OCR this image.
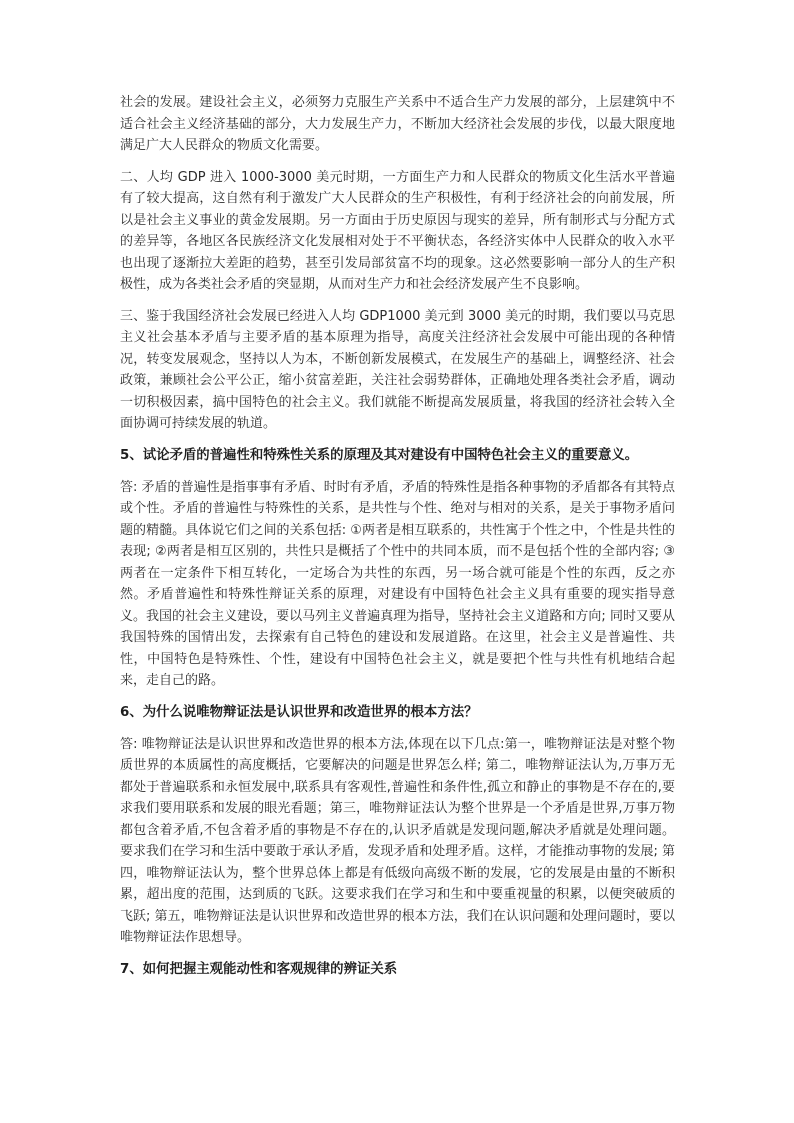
社会的发展。建设社会主义，必须努力克服生产关系中不适合生产力发展的部分，上层建筑中不适合社会主义经济基础的部分，大力发展生产力，不断加大经济社会发展的步伐，以最大限度地满足广大人民群众的物质文化需要。

二、人均 GDP 进入 1000-3000 美元时期，一方面生产力和人民群众的物质文化生活水平普遍有了较大提高，这自然有利于激发广大人民群众的生产积极性，有利于经济社会的向前发展，所以是社会主义事业的黄金发展期。另一方面由于历史原因与现实的差异，所有制形式与分配方式的差异等，各地区各民族经济文化发展相对处于不平衡状态，各经济实体中人民群众的收入水平也出现了逐渐拉大差距的趋势，甚至引发局部贫富不均的现象。这必然要影响一部分人的生产积极性，成为各类社会矛盾的突显期，从而对生产力和社会经济发展产生不良影响。

三、鉴于我国经济社会发展已经进入人均 GDP1000 美元到 3000 美元的时期，我们要以马克思主义社会基本矛盾与主要矛盾的基本原理为指导，高度关注经济社会发展中可能出现的各种情况，转变发展观念，坚持以人为本，不断创新发展模式，在发展生产的基础上，调整经济、社会政策，兼顾社会公平公正，缩小贫富差距，关注社会弱势群体，正确地处理各类社会矛盾，调动一切积极因素，搞中国特色的社会主义。我们就能不断提高发展质量，将我国的经济社会转入全面协调可持续发展的轨道。

5、试论矛盾的普遍性和特殊性关系的原理及其对建设有中国特色社会主义的重要意义。

答: 矛盾的普遍性是指事事有矛盾、时时有矛盾，矛盾的特殊性是指各种事物的矛盾都各有其特点或个性。矛盾的普遍性与特殊性的关系，是共性与个性、绝对与相对的关系，是关于事物矛盾问题的精髓。具体说它们之间的关系包括: ①两者是相互联系的，共性寓于个性之中，个性是共性的表现; ②两者是相互区别的，共性只是概括了个性中的共同本质，而不是包括个性的全部内容; ③两者在一定条件下相互转化，一定场合为共性的东西，另一场合就可能是个性的东西，反之亦然。矛盾普遍性和特殊性辩证关系的原理，对建设有中国特色社会主义具有重要的现实指导意义。我国的社会主义建设，要以马列主义普遍真理为指导，坚持社会主义道路和方向; 同时又要从我国特殊的国情出发，去探索有自己特色的建设和发展道路。在这里，社会主义是普遍性、共性，中国特色是特殊性、个性，建设有中国特色社会主义，就是要把个性与共性有机地结合起来，走自己的路。

6、为什么说唯物辩证法是认识世界和改造世界的根本方法？

答: 唯物辩证法是认识世界和改造世界的根本方法,体现在以下几点:第一，唯物辩证法是对整个物质世界的本质属性的高度概括，它要解决的问题是世界怎么样; 第二，唯物辩证法认为,万事万无都处于普遍联系和永恒发展中,联系具有客观性,普遍性和条件性,孤立和静止的事物是不存在的,要求我们要用联系和发展的眼光看题；第三，唯物辩证法认为整个世界是一个矛盾是世界,万事万物都包含着矛盾,不包含着矛盾的事物是不存在的,认识矛盾就是发现问题,解决矛盾就是处理问题。要求我们在学习和生活中要敢于承认矛盾，发现矛盾和处理矛盾。这样，才能推动事物的发展; 第四，唯物辩证法认为，整个世界总体上都是有低级向高级不断的发展，它的发展是由量的不断积累，超出度的范围，达到质的飞跃。这要求我们在学习和生和中要重视量的积累，以便突破质的飞跃; 第五，唯物辩证法是认识世界和改造世界的根本方法，我们在认识问题和处理问题时，要以唯物辩证法作思想导。

7、如何把握主观能动性和客观规律的辨证关系
